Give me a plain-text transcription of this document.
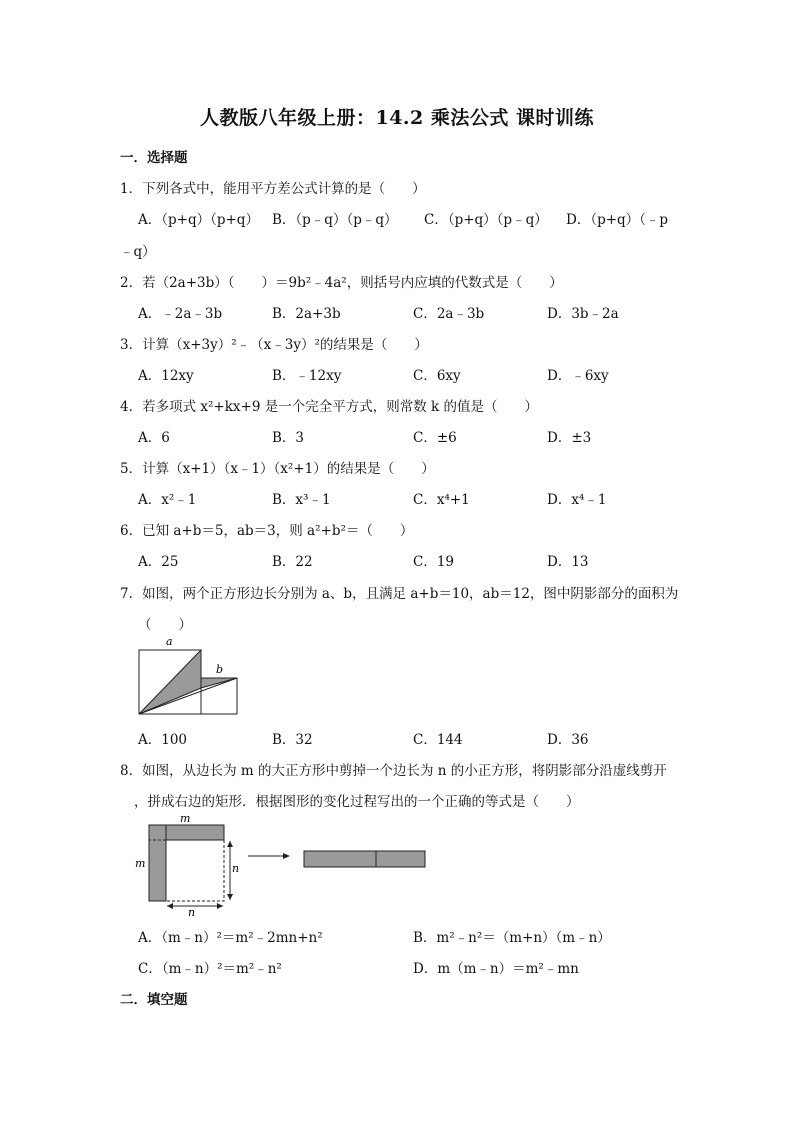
人教版八年级上册：14.2 乘法公式 课时训练
一．选择题
1．下列各式中，能用平方差公式计算的是（　　）
A．（p+q）（p+q） B．（p﹣q）（p﹣q） C．（p+q）（p﹣q） D．（p+q）（﹣p
﹣q）
2．若（2a+3b）（　　）＝9b²﹣4a²，则括号内应填的代数式是（　　）
A．﹣2a﹣3b	B．2a+3b	C．2a﹣3b	D．3b﹣2a
3．计算（x+3y）²﹣（x﹣3y）²的结果是（　　）
A．12xy	B．﹣12xy	C．6xy	D．﹣6xy
4．若多项式 x²+kx+9 是一个完全平方式，则常数 k 的值是（　　）
A．6	B．3	C．±6	D．±3
5．计算（x+1）（x﹣1）（x²+1）的结果是（　　）
A．x²﹣1	B．x³﹣1	C．x⁴+1	D．x⁴﹣1
6．已知 a+b＝5，ab＝3，则 a²+b²＝（　　）
A．25	B．22	C．19	D．13
7．如图，两个正方形边长分别为 a、b，且满足 a+b＝10，ab＝12，图中阴影部分的面积为
（　　）
a
b
A．100	B．32	C．144	D．36
8．如图，从边长为 m 的大正方形中剪掉一个边长为 n 的小正方形，将阴影部分沿虚线剪开
，拼成右边的矩形．根据图形的变化过程写出的一个正确的等式是（　　）
m
m	n
n
A．（m﹣n）²＝m²﹣2mn+n²	B．m²﹣n²＝（m+n）（m﹣n）
C．（m﹣n）²＝m²﹣n²	D．m（m﹣n）＝m²﹣mn
二．填空题
